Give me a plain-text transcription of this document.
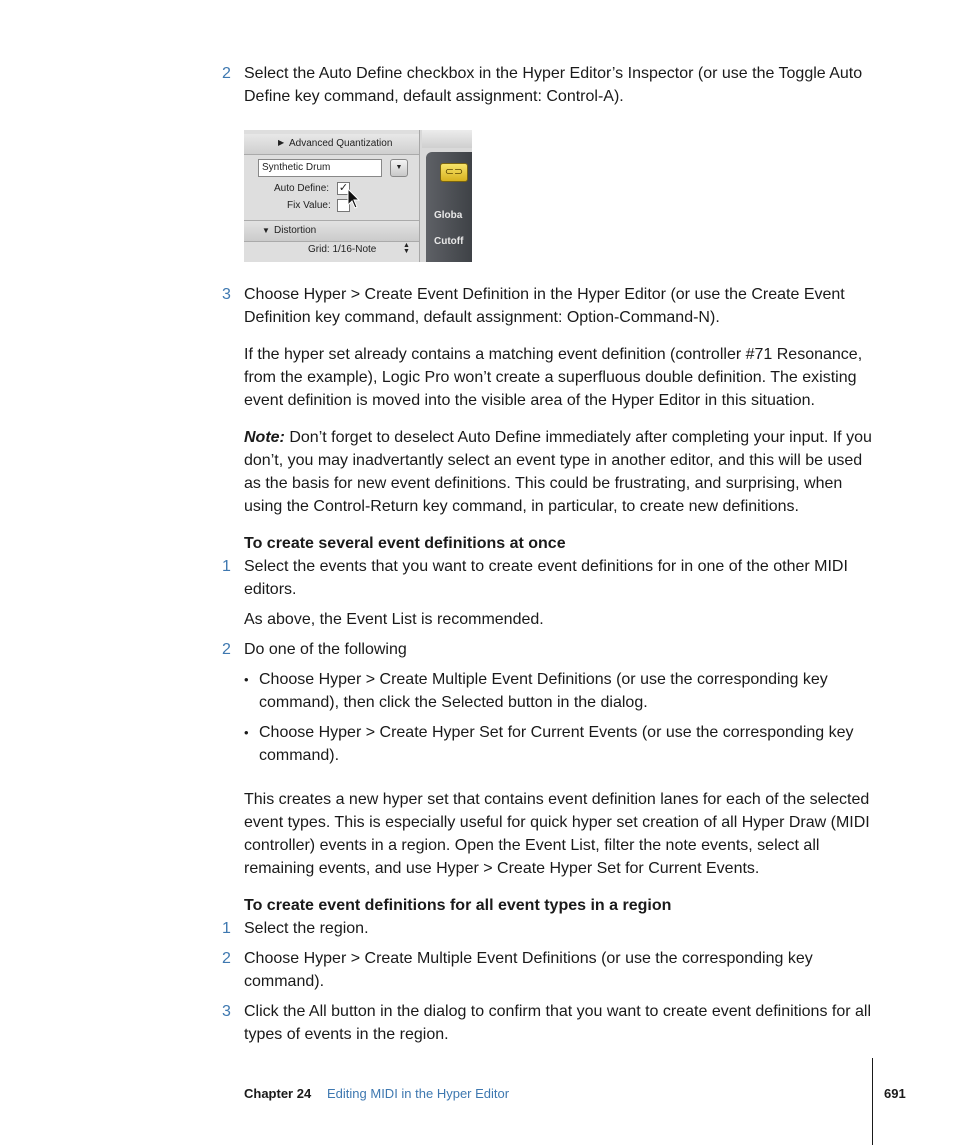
2 Select the Auto Define checkbox in the Hyper Editor’s Inspector (or use the Toggle Auto Define key command, default assignment: Control-A).
▶ Advanced Quantization
Synthetic Drum	▼
Auto Define: ✓
Fix Value:
▼ Distortion
Grid: 1/16-Note	▲
▼
⊂⊃
Globa
Cutoff
3 Choose Hyper > Create Event Definition in the Hyper Editor (or use the Create Event Definition key command, default assignment: Option-Command-N).
If the hyper set already contains a matching event definition (controller #71 Resonance, from the example), Logic Pro won’t create a superfluous double definition. The existing event definition is moved into the visible area of the Hyper Editor in this situation.
Note: Don’t forget to deselect Auto Define immediately after completing your input. If you don’t, you may inadvertantly select an event type in another editor, and this will be used as the basis for new event definitions. This could be frustrating, and surprising, when using the Control-Return key command, in particular, to create new definitions.
To create several event definitions at once
1 Select the events that you want to create event definitions for in one of the other MIDI editors.
As above, the Event List is recommended.
2 Do one of the following
• Choose Hyper > Create Multiple Event Definitions (or use the corresponding key command), then click the Selected button in the dialog.
• Choose Hyper > Create Hyper Set for Current Events (or use the corresponding key command).
This creates a new hyper set that contains event definition lanes for each of the selected event types. This is especially useful for quick hyper set creation of all Hyper Draw (MIDI controller) events in a region. Open the Event List, filter the note events, select all remaining events, and use Hyper > Create Hyper Set for Current Events.
To create event definitions for all event types in a region
1 Select the region.
2 Choose Hyper > Create Multiple Event Definitions (or use the corresponding key command).
3 Click the All button in the dialog to confirm that you want to create event definitions for all types of events in the region.
Chapter 24 Editing MIDI in the Hyper Editor	691
